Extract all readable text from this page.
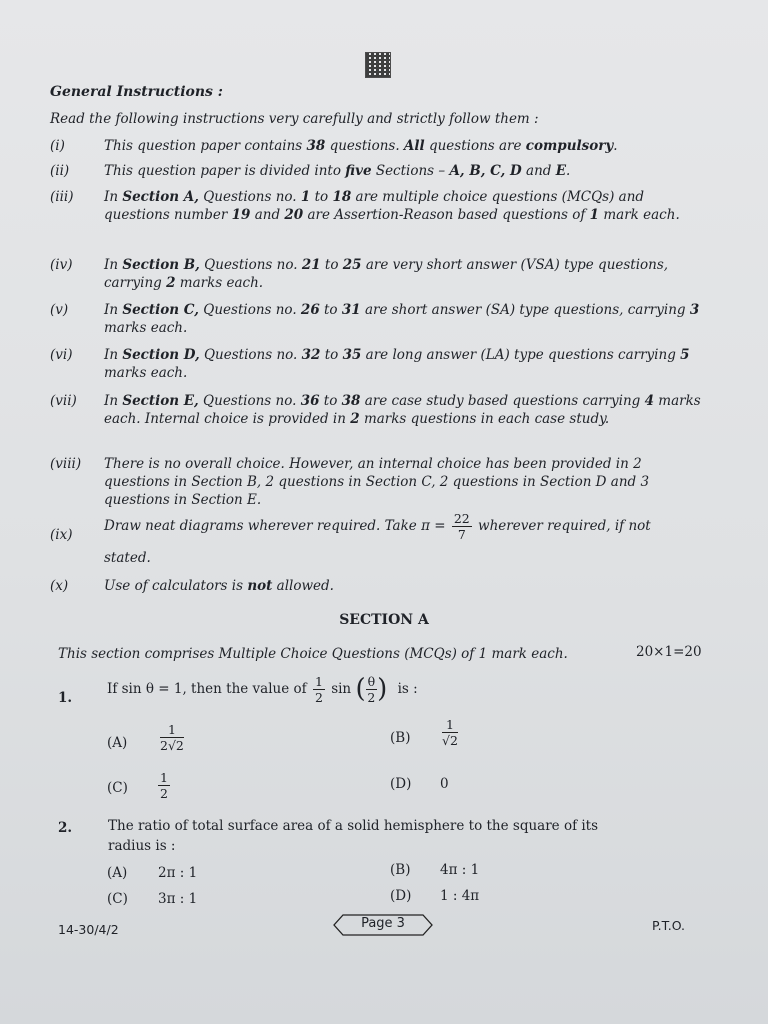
General Instructions :
Read the following instructions very carefully and strictly follow them :
(i)	This question paper contains 38 questions. All questions are compulsory.
(ii)	This question paper is divided into five Sections – A, B, C, D and E.
(iii) In Section A, Questions no. 1 to 18 are multiple choice questions (MCQs) and questions number 19 and 20 are Assertion-Reason based questions of 1 mark each.
(iv) In Section B, Questions no. 21 to 25 are very short answer (VSA) type questions, carrying 2 marks each.
(v)	In Section C, Questions no. 26 to 31 are short answer (SA) type questions, carrying 3 marks each.
(vi) In Section D, Questions no. 32 to 35 are long answer (LA) type questions carrying 5 marks each.
(vii) In Section E, Questions no. 36 to 38 are case study based questions carrying 4 marks each. Internal choice is provided in 2 marks questions in each case study.
(viii) There is no overall choice. However, an internal choice has been provided in 2 questions in Section B, 2 questions in Section C, 2 questions in Section D and 3 questions in Section E.
(ix)
Draw neat diagrams wherever required. Take $\pi = \frac{22}{7}$ wherever required, if not
stated.
(x)	Use of calculators is not allowed.
SECTION A
This section comprises Multiple Choice Questions (MCQs) of 1 mark each.	20×1=20
1.
If sin θ = 1, then the value of $\frac{1}{2}$ sin ( $\frac{\theta}{2}$ ) is :
(A)	$\frac{1}{2√2}$	(B)	$\frac{1}{√2}$
$(C) \frac{1}{2}$	(D) 0
2.	The ratio of total surface area of a solid hemisphere to the square of its
radius is :
(A) 2π : 1	(B) 4π : 1
(C) 3π : 1	(D) 1 : 4π
14-30/4/2	Page 3	P.T.O.
